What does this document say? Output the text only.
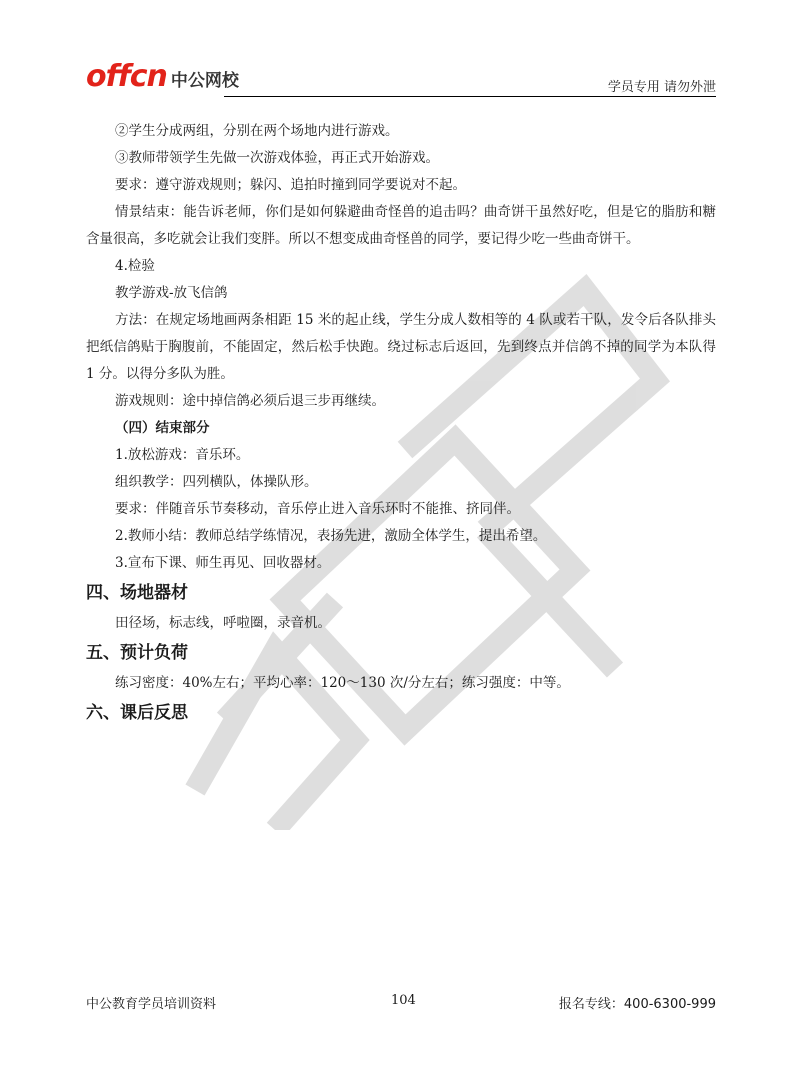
offcn 中公网校	学员专用 请勿外泄

②学生分成两组，分别在两个场地内进行游戏。

③教师带领学生先做一次游戏体验，再正式开始游戏。

要求：遵守游戏规则；躲闪、追拍时撞到同学要说对不起。

情景结束：能告诉老师，你们是如何躲避曲奇怪兽的追击吗？曲奇饼干虽然好吃，但是它的脂肪和糖含量很高，多吃就会让我们变胖。所以不想变成曲奇怪兽的同学，要记得少吃一些曲奇饼干。

4.检验

教学游戏-放飞信鸽

方法：在规定场地画两条相距 15 米的起止线，学生分成人数相等的 4 队或若干队，发令后各队排头把纸信鸽贴于胸腹前，不能固定，然后松手快跑。绕过标志后返回，先到终点并信鸽不掉的同学为本队得 1 分。以得分多队为胜。

游戏规则：途中掉信鸽必须后退三步再继续。

（四）结束部分

1.放松游戏：音乐环。

组织教学：四列横队，体操队形。

要求：伴随音乐节奏移动，音乐停止进入音乐环时不能推、挤同伴。

2.教师小结：教师总结学练情况，表扬先进，激励全体学生，提出希望。

3.宣布下课、师生再见、回收器材。

四、场地器材

田径场，标志线，呼啦圈，录音机。

五、预计负荷

练习密度：40%左右；平均心率：120～130 次/分左右；练习强度：中等。

六、课后反思

中公教育学员培训资料	104	报名专线：400-6300-999
